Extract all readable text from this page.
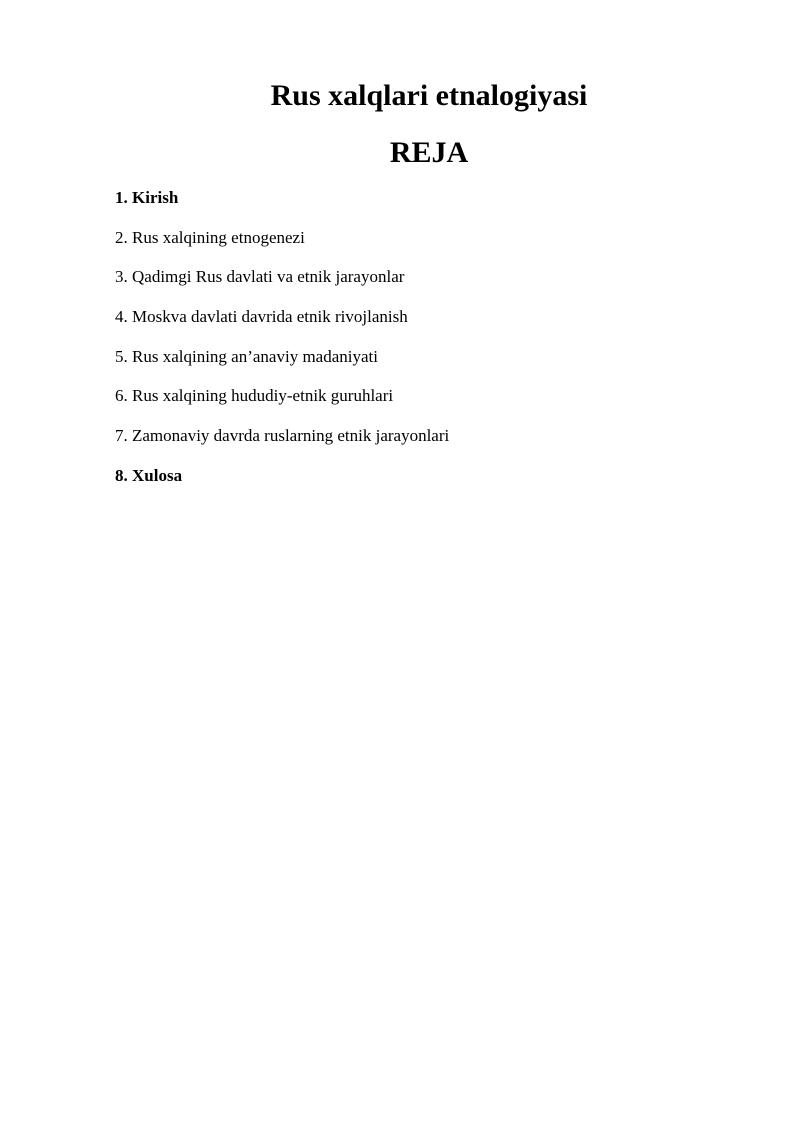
Rus xalqlari etnalogiyasi
REJA
1. Kirish
2. Rus xalqining etnogenezi
3. Qadimgi Rus davlati va etnik jarayonlar
4. Moskva davlati davrida etnik rivojlanish
5. Rus xalqining an’anaviy madaniyati
6. Rus xalqining hududiy-etnik guruhlari
7. Zamonaviy davrda ruslarning etnik jarayonlari
8. Xulosa
